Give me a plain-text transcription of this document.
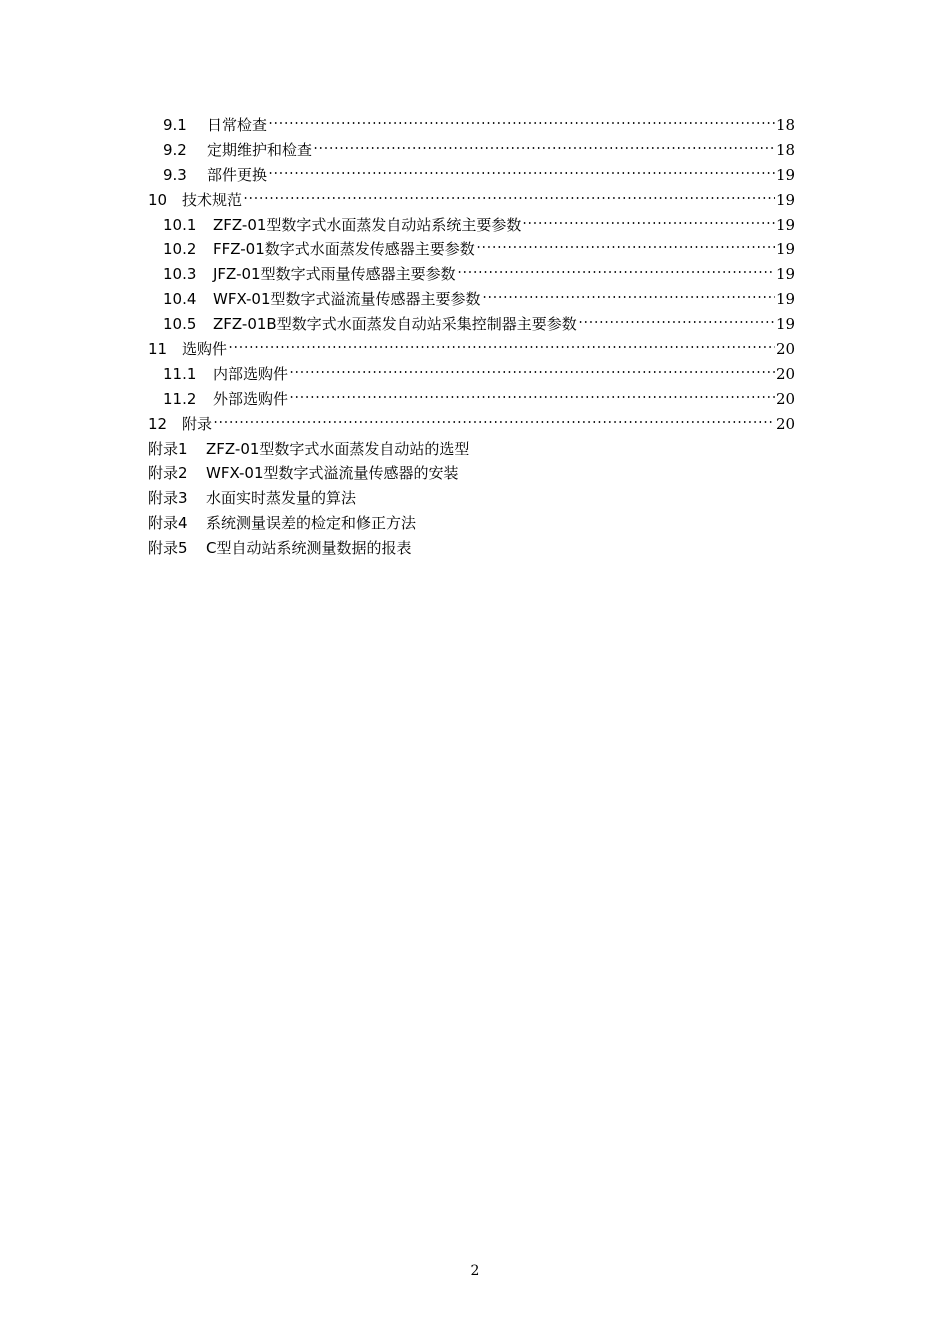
9.1	日常检查	18
9.2	定期维护和检查	18
9.3	部件更换	19
10 技术规范	19
10.1	ZFZ-01型数字式水面蒸发自动站系统主要参数	19
10.2	FFZ-01数字式水面蒸发传感器主要参数	19
10.3	JFZ-01型数字式雨量传感器主要参数	19
10.4	WFX-01型数字式溢流量传感器主要参数	19
10.5	ZFZ-01B型数字式水面蒸发自动站采集控制器主要参数	19
11 选购件	20
11.1	内部选购件	20
11.2	外部选购件	20
12 附录	20
附录1	ZFZ-01型数字式水面蒸发自动站的选型
附录2	WFX-01型数字式溢流量传感器的安装
附录3	水面实时蒸发量的算法
附录4	系统测量误差的检定和修正方法
附录5	C型自动站系统测量数据的报表
2
